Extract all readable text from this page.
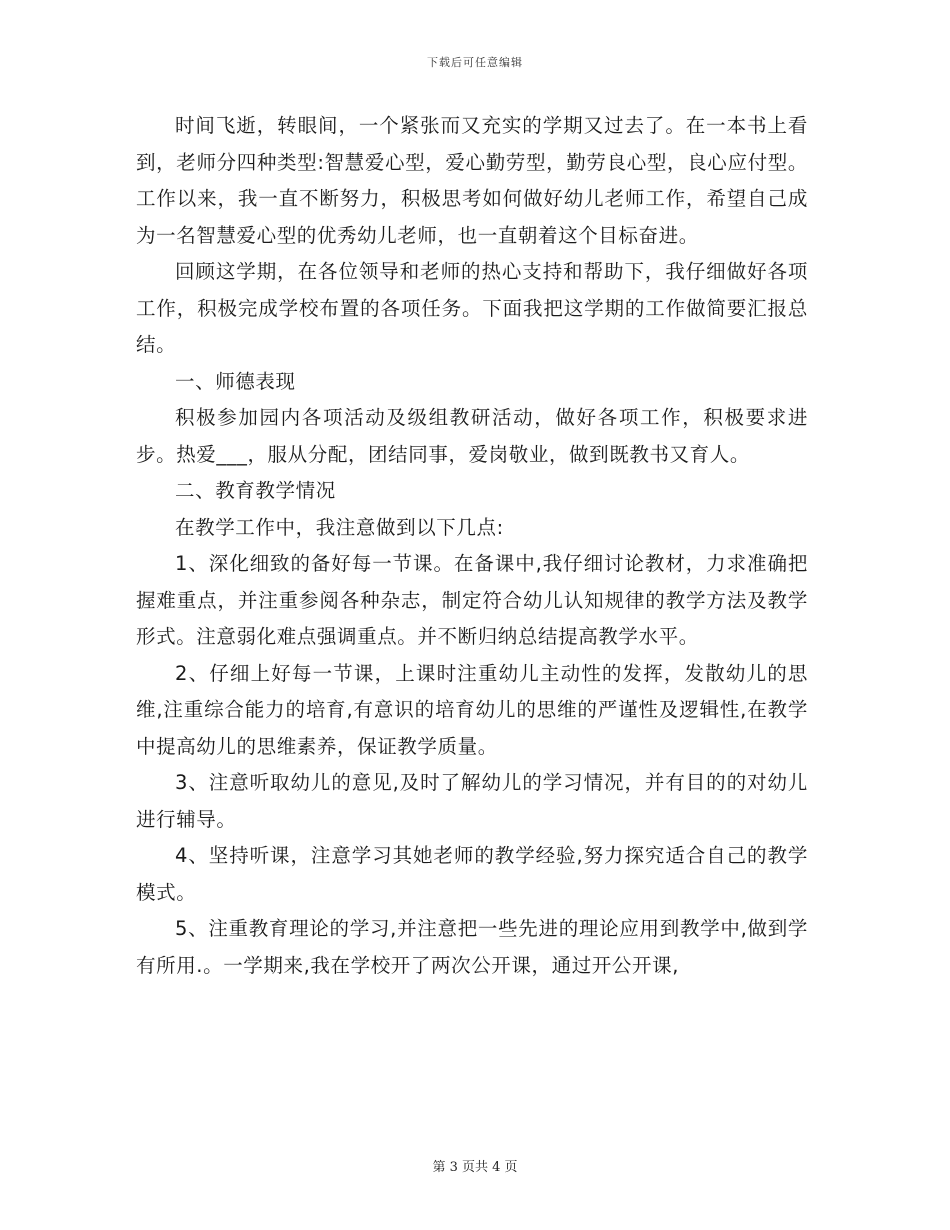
下载后可任意编辑

时间飞逝，转眼间，一个紧张而又充实的学期又过去了。在一本书上看到，老师分四种类型:智慧爱心型，爱心勤劳型，勤劳良心型，良心应付型。工作以来，我一直不断努力，积极思考如何做好幼儿老师工作，希望自己成为一名智慧爱心型的优秀幼儿老师，也一直朝着这个目标奋进。

回顾这学期，在各位领导和老师的热心支持和帮助下，我仔细做好各项工作，积极完成学校布置的各项任务。下面我把这学期的工作做简要汇报总结。

一、师德表现

积极参加园内各项活动及级组教研活动，做好各项工作，积极要求进步。热爱___，服从分配，团结同事，爱岗敬业，做到既教书又育人。

二、教育教学情况

在教学工作中，我注意做到以下几点:

1、深化细致的备好每一节课。在备课中,我仔细讨论教材，力求准确把握难重点，并注重参阅各种杂志，制定符合幼儿认知规律的教学方法及教学形式。注意弱化难点强调重点。并不断归纳总结提高教学水平。

2、仔细上好每一节课，上课时注重幼儿主动性的发挥，发散幼儿的思维,注重综合能力的培育,有意识的培育幼儿的思维的严谨性及逻辑性,在教学中提高幼儿的思维素养，保证教学质量。

3、注意听取幼儿的意见,及时了解幼儿的学习情况，并有目的的对幼儿进行辅导。

4、坚持听课，注意学习其她老师的教学经验,努力探究适合自己的教学模式。

5、注重教育理论的学习,并注意把一些先进的理论应用到教学中,做到学有所用.。一学期来,我在学校开了两次公开课，通过开公开课,

第 3 页共 4 页
